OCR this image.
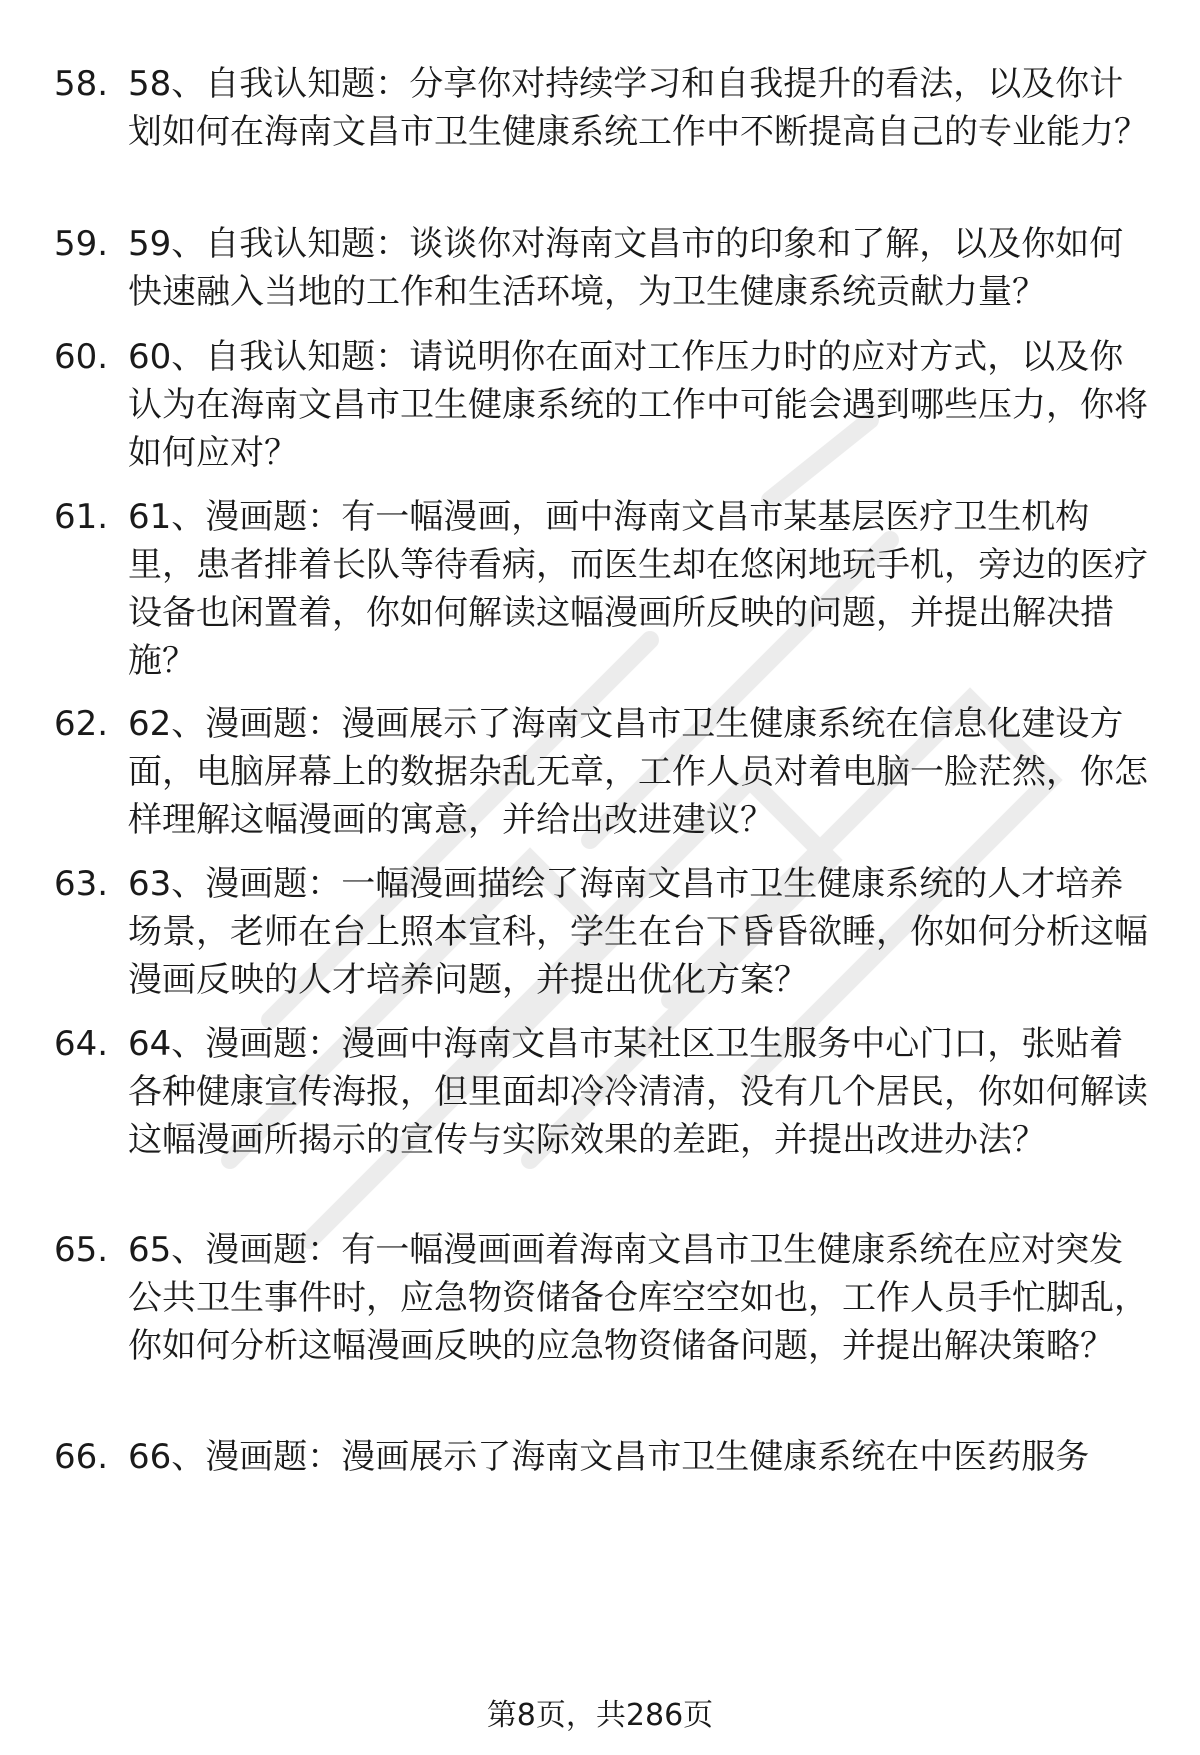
58. 58、自我认知题：分享你对持续学习和自我提升的看法，以及你计划如何在海南文昌市卫生健康系统工作中不断提高自己的专业能力？
59. 59、自我认知题：谈谈你对海南文昌市的印象和了解，以及你如何快速融入当地的工作和生活环境，为卫生健康系统贡献力量？
60. 60、自我认知题：请说明你在面对工作压力时的应对方式，以及你认为在海南文昌市卫生健康系统的工作中可能会遇到哪些压力，你将如何应对？
61. 61、漫画题：有一幅漫画，画中海南文昌市某基层医疗卫生机构里，患者排着长队等待看病，而医生却在悠闲地玩手机，旁边的医疗设备也闲置着，你如何解读这幅漫画所反映的问题，并提出解决措施？
62. 62、漫画题：漫画展示了海南文昌市卫生健康系统在信息化建设方面，电脑屏幕上的数据杂乱无章，工作人员对着电脑一脸茫然，你怎样理解这幅漫画的寓意，并给出改进建议？
63. 63、漫画题：一幅漫画描绘了海南文昌市卫生健康系统的人才培养场景，老师在台上照本宣科，学生在台下昏昏欲睡，你如何分析这幅漫画反映的人才培养问题，并提出优化方案？
64. 64、漫画题：漫画中海南文昌市某社区卫生服务中心门口，张贴着各种健康宣传海报，但里面却冷冷清清，没有几个居民，你如何解读这幅漫画所揭示的宣传与实际效果的差距，并提出改进办法？
65. 65、漫画题：有一幅漫画画着海南文昌市卫生健康系统在应对突发公共卫生事件时，应急物资储备仓库空空如也，工作人员手忙脚乱，你如何分析这幅漫画反映的应急物资储备问题，并提出解决策略？
66. 66、漫画题：漫画展示了海南文昌市卫生健康系统在中医药服务
第8页，共286页
